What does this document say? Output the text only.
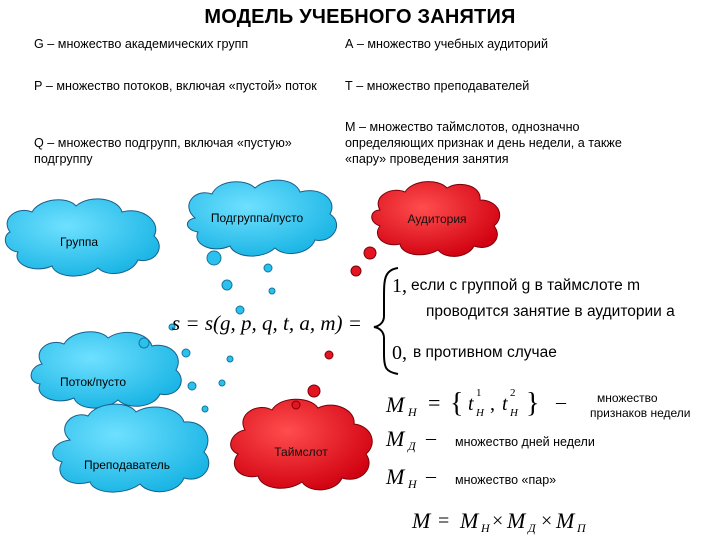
МОДЕЛЬ УЧЕБНОГО ЗАНЯТИЯ
G – множество академических групп	А – множество учебных аудиторий
Р – множество потоков, включая «пустой» поток	Т – множество преподавателей
Q – множество подгрупп, включая «пустую» подгруппу
М – множество таймслотов, однозначно определяющих признак и день недели, а также «пару» проведения занятия
Подгруппа/пусто	Аудитория
Группа
Поток/пусто
Преподаватель
Таймслот
s = s(g, p, q, t, a, m) =
1, если с группой g в таймслоте m
проводится занятие в аудитории a
0, в противном случае
M H = { t 1
H , t 2
H } –	множество
признаков недели
M Д – множество дней недели
M Н – множество «пар»
M = M H × M Д × M П
